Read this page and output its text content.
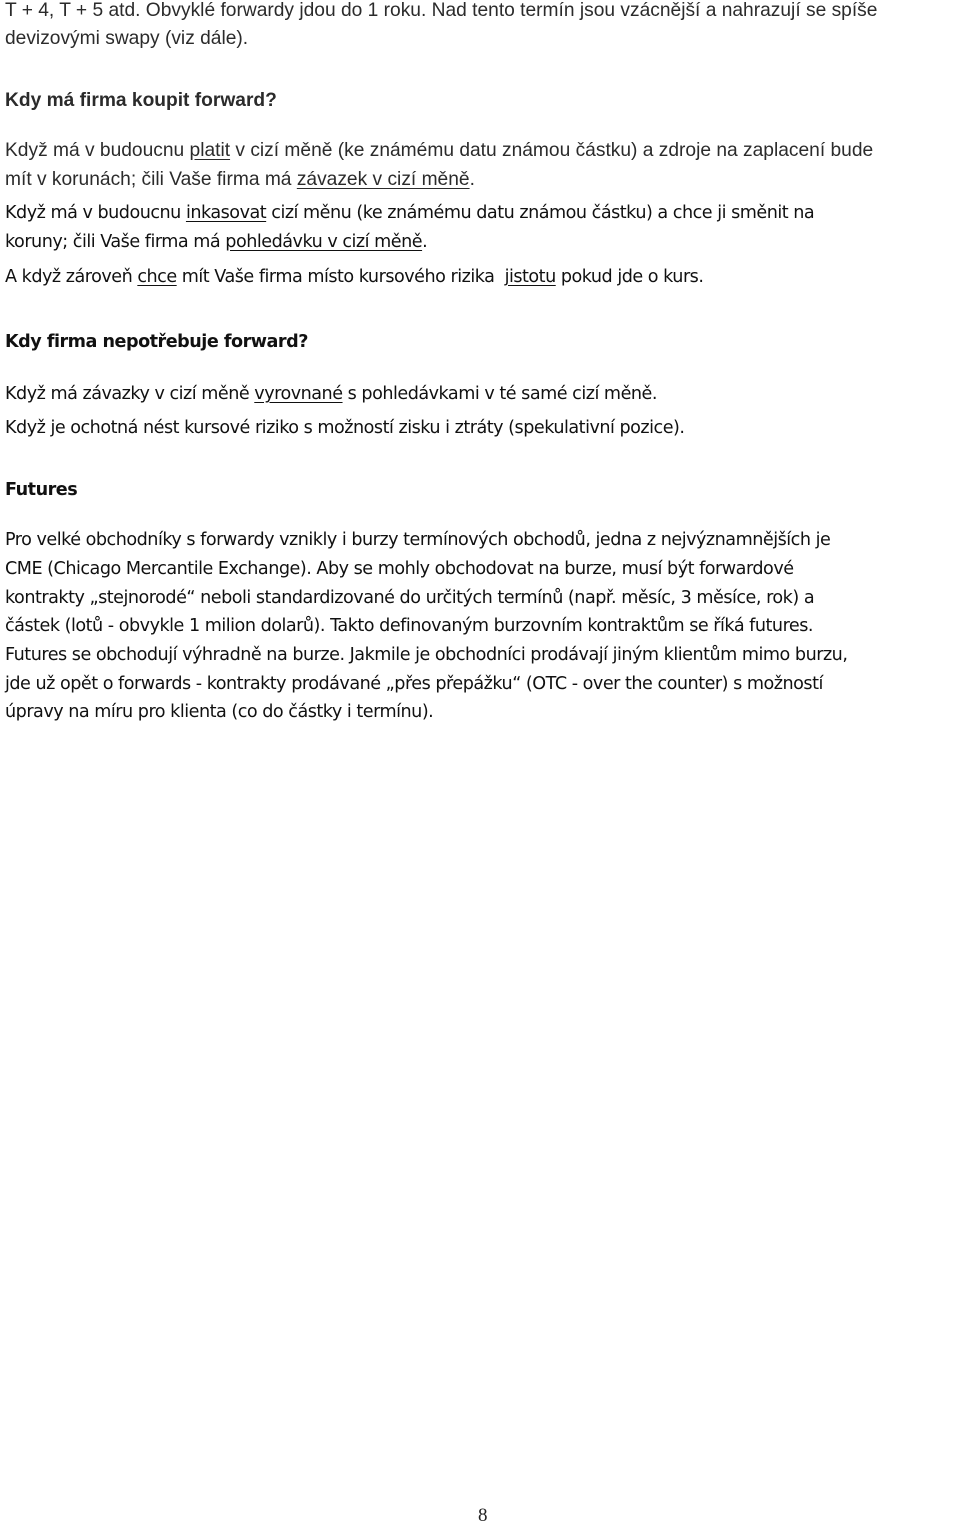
T + 4, T + 5 atd. Obvyklé forwardy jdou do 1 roku. Nad tento termín jsou vzácnější a nahrazují se spíše

devizovými swapy (viz dále).

Kdy má firma koupit forward?

Když má v budoucnu platit v cizí měně (ke známému datu známou částku) a zdroje na zaplacení bude

mít v korunách; čili Vaše firma má závazek v cizí měně.

Když má v budoucnu inkasovat cizí měnu (ke známému datu známou částku) a chce ji směnit na

koruny; čili Vaše firma má pohledávku v cizí měně.

A když zároveň chce mít Vaše firma místo kursového rizika  jistotu pokud jde o kurs.

Kdy firma nepotřebuje forward?

Když má závazky v cizí měně vyrovnané s pohledávkami v té samé cizí měně.

Když je ochotná nést kursové riziko s možností zisku i ztráty (spekulativní pozice).

Futures

Pro velké obchodníky s forwardy vznikly i burzy termínových obchodů, jedna z nejvýznamnějších je

CME (Chicago Mercantile Exchange). Aby se mohly obchodovat na burze, musí být forwardové

kontrakty „stejnorodé“ neboli standardizované do určitých termínů (např. měsíc, 3 měsíce, rok) a

částek (lotů - obvykle 1 milion dolarů). Takto definovaným burzovním kontraktům se říká futures.

Futures se obchodují výhradně na burze. Jakmile je obchodníci prodávají jiným klientům mimo burzu,

jde už opět o forwards - kontrakty prodávané „přes přepážku“ (OTC - over the counter) s možností

úpravy na míru pro klienta (co do částky i termínu).

8
